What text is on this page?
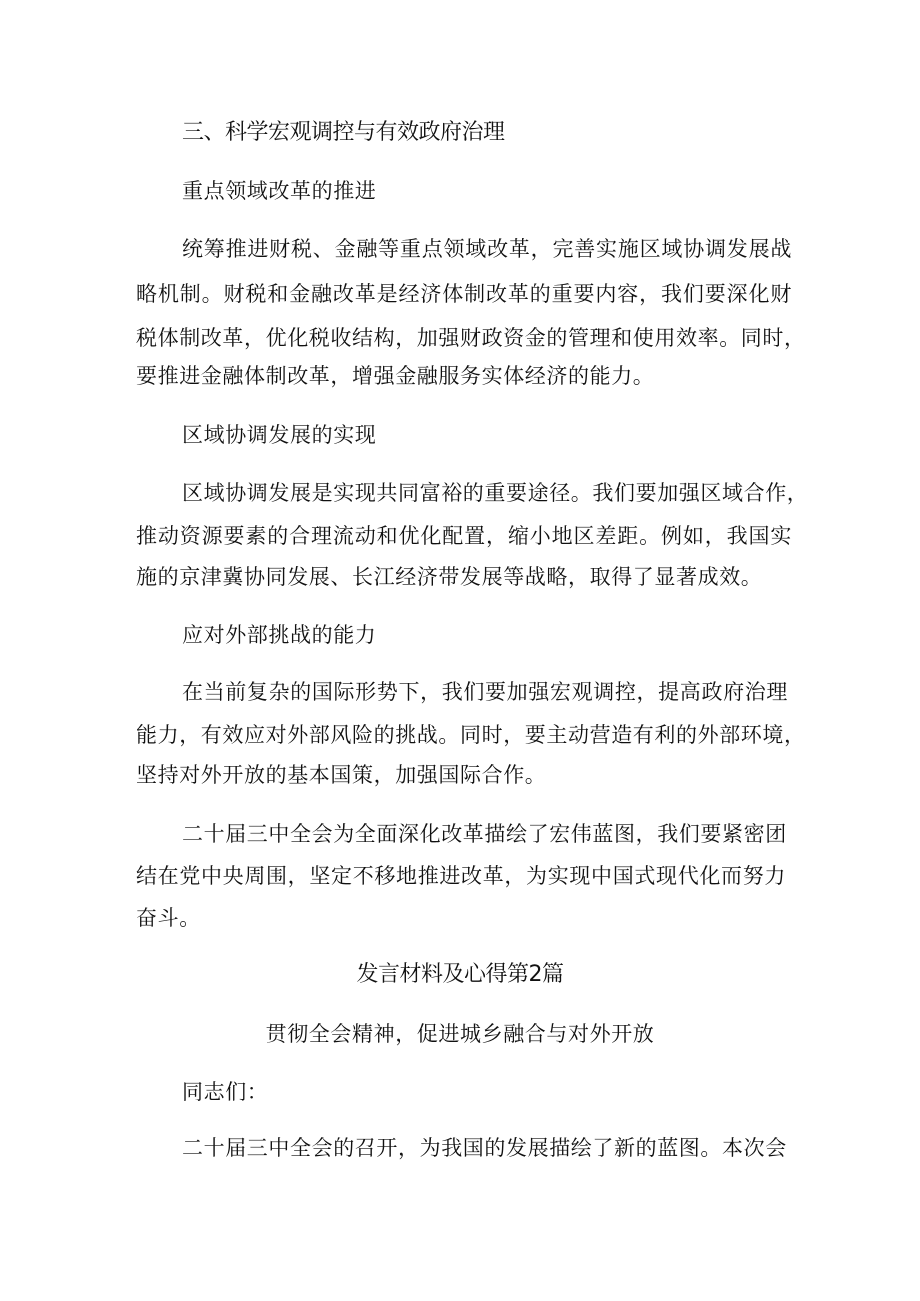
三、科学宏观调控与有效政府治理
重点领域改革的推进
统筹推进财税、金融等重点领域改革，完善实施区域协调发展战
略机制。财税和金融改革是经济体制改革的重要内容，我们要深化财
税体制改革，优化税收结构，加强财政资金的管理和使用效率。同时，
要推进金融体制改革，增强金融服务实体经济的能力。
区域协调发展的实现
区域协调发展是实现共同富裕的重要途径。我们要加强区域合作，
推动资源要素的合理流动和优化配置，缩小地区差距。例如，我国实
施的京津冀协同发展、长江经济带发展等战略，取得了显著成效。
应对外部挑战的能力
在当前复杂的国际形势下，我们要加强宏观调控，提高政府治理
能力，有效应对外部风险的挑战。同时，要主动营造有利的外部环境，
坚持对外开放的基本国策，加强国际合作。
二十届三中全会为全面深化改革描绘了宏伟蓝图，我们要紧密团
结在党中央周围，坚定不移地推进改革，为实现中国式现代化而努力
奋斗。
发言材料及心得第2篇
贯彻全会精神，促进城乡融合与对外开放
同志们：
二十届三中全会的召开，为我国的发展描绘了新的蓝图。本次会
